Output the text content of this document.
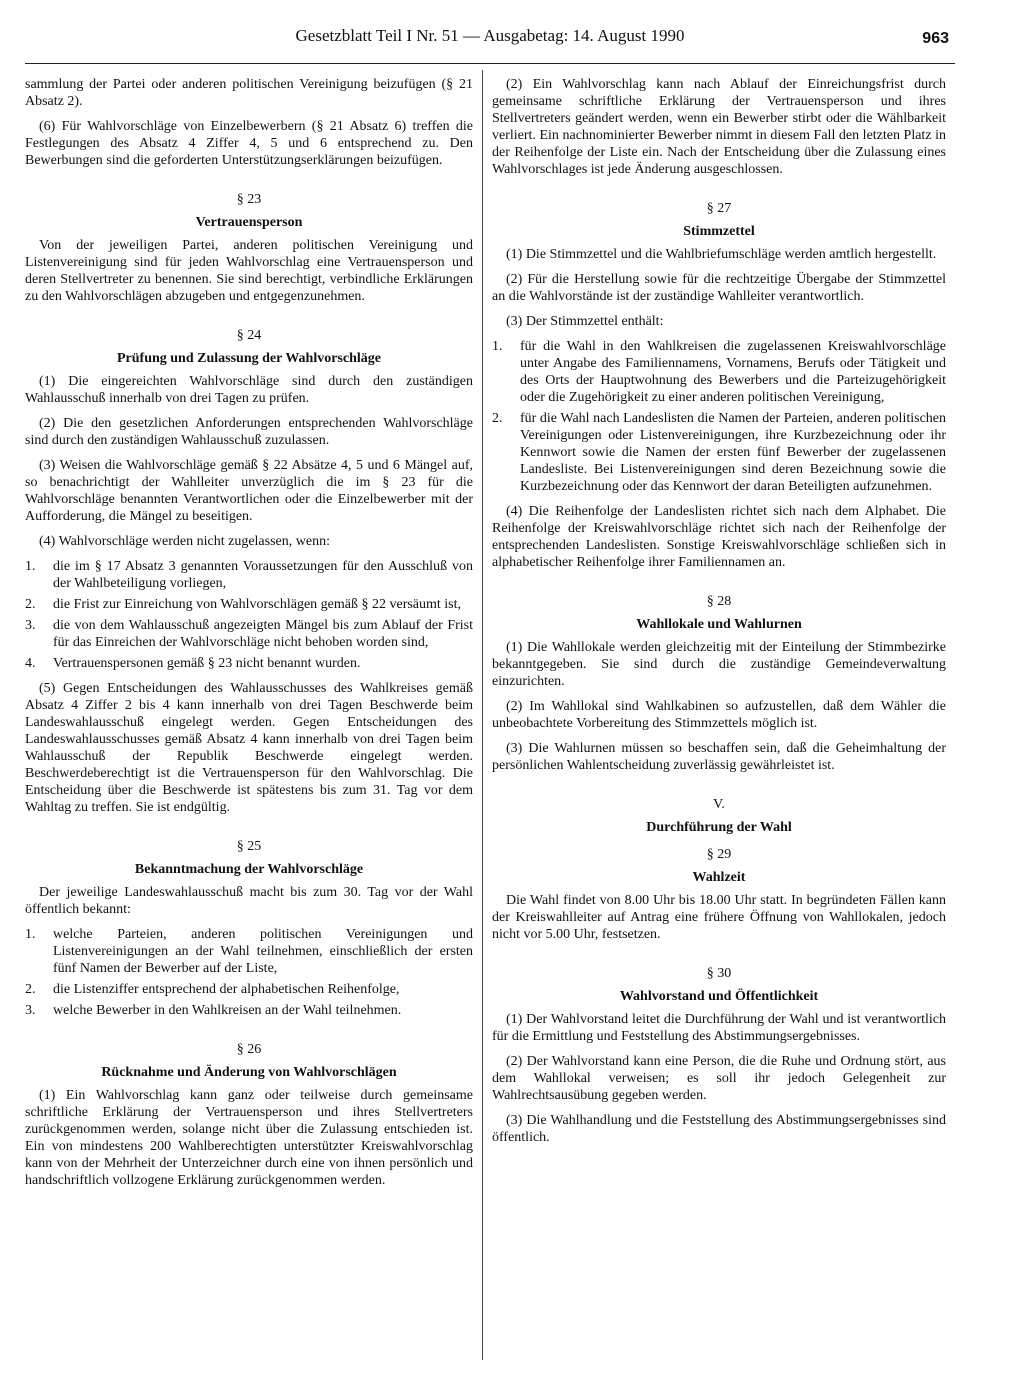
Gesetzblatt Teil I Nr. 51 — Ausgabetag: 14. August 1990	963

sammlung der Partei oder anderen politischen Vereinigung beizufügen (§ 21 Absatz 2).

(6) Für Wahlvorschläge von Einzelbewerbern (§ 21 Absatz 6) treffen die Festlegungen des Absatz 4 Ziffer 4, 5 und 6 entsprechend zu. Den Bewerbungen sind die geforderten Unterstützungserklärungen beizufügen.

§ 23
Vertrauensperson

Von der jeweiligen Partei, anderen politischen Vereinigung und Listenvereinigung sind für jeden Wahlvorschlag eine Vertrauensperson und deren Stellvertreter zu benennen. Sie sind berechtigt, verbindliche Erklärungen zu den Wahlvorschlägen abzugeben und entgegenzunehmen.

§ 24
Prüfung und Zulassung der Wahlvorschläge

(1) Die eingereichten Wahlvorschläge sind durch den zuständigen Wahlausschuß innerhalb von drei Tagen zu prüfen.

(2) Die den gesetzlichen Anforderungen entsprechenden Wahlvorschläge sind durch den zuständigen Wahlausschuß zuzulassen.

(3) Weisen die Wahlvorschläge gemäß § 22 Absätze 4, 5 und 6 Mängel auf, so benachrichtigt der Wahlleiter unverzüglich die im § 23 für die Wahlvorschläge benannten Verantwortlichen oder die Einzelbewerber mit der Aufforderung, die Mängel zu beseitigen.

(4) Wahlvorschläge werden nicht zugelassen, wenn:

1.	die im § 17 Absatz 3 genannten Voraussetzungen für den Ausschluß von der Wahlbeteiligung vorliegen,
2.	die Frist zur Einreichung von Wahlvorschlägen gemäß § 22 versäumt ist,
3.	die von dem Wahlausschuß angezeigten Mängel bis zum Ablauf der Frist für das Einreichen der Wahlvorschläge nicht behoben worden sind,
4.	Vertrauenspersonen gemäß § 23 nicht benannt wurden.

(5) Gegen Entscheidungen des Wahlausschusses des Wahlkreises gemäß Absatz 4 Ziffer 2 bis 4 kann innerhalb von drei Tagen Beschwerde beim Landeswahlausschuß eingelegt werden. Gegen Entscheidungen des Landeswahlausschusses gemäß Absatz 4 kann innerhalb von drei Tagen beim Wahlausschuß der Republik Beschwerde eingelegt werden. Beschwerdeberechtigt ist die Vertrauensperson für den Wahlvorschlag. Die Entscheidung über die Beschwerde ist spätestens bis zum 31. Tag vor dem Wahltag zu treffen. Sie ist endgültig.

§ 25
Bekanntmachung der Wahlvorschläge

Der jeweilige Landeswahlausschuß macht bis zum 30. Tag vor der Wahl öffentlich bekannt:

1.	welche Parteien, anderen politischen Vereinigungen und Listenvereinigungen an der Wahl teilnehmen, einschließlich der ersten fünf Namen der Bewerber auf der Liste,
2.	die Listenziffer entsprechend der alphabetischen Reihenfolge,
3.	welche Bewerber in den Wahlkreisen an der Wahl teilnehmen.
§ 26
Rücknahme und Änderung von Wahlvorschlägen

(1) Ein Wahlvorschlag kann ganz oder teilweise durch gemeinsame schriftliche Erklärung der Vertrauensperson und ihres Stellvertreters zurückgenommen werden, solange nicht über die Zulassung entschieden ist. Ein von mindestens 200 Wahlberechtigten unterstützter Kreiswahlvorschlag kann von der Mehrheit der Unterzeichner durch eine von ihnen persönlich und handschriftlich vollzogene Erklärung zurückgenommen werden.

(2) Ein Wahlvorschlag kann nach Ablauf der Einreichungsfrist durch gemeinsame schriftliche Erklärung der Vertrauensperson und ihres Stellvertreters geändert werden, wenn ein Bewerber stirbt oder die Wählbarkeit verliert. Ein nachnominierter Bewerber nimmt in diesem Fall den letzten Platz in der Reihenfolge der Liste ein. Nach der Entscheidung über die Zulassung eines Wahlvorschlages ist jede Änderung ausgeschlossen.

§ 27
Stimmzettel

(1) Die Stimmzettel und die Wahlbriefumschläge werden amtlich hergestellt.

(2) Für die Herstellung sowie für die rechtzeitige Übergabe der Stimmzettel an die Wahlvorstände ist der zuständige Wahlleiter verantwortlich.

(3) Der Stimmzettel enthält:

1.	für die Wahl in den Wahlkreisen die zugelassenen Kreiswahlvorschläge unter Angabe des Familiennamens, Vornamens, Berufs oder Tätigkeit und des Orts der Hauptwohnung des Bewerbers und die Parteizugehörigkeit oder die Zugehörigkeit zu einer anderen politischen Vereinigung,
2.	für die Wahl nach Landeslisten die Namen der Parteien, anderen politischen Vereinigungen oder Listenvereinigungen, ihre Kurzbezeichnung oder ihr Kennwort sowie die Namen der ersten fünf Bewerber der zugelassenen Landesliste. Bei Listenvereinigungen sind deren Bezeichnung sowie die Kurzbezeichnung oder das Kennwort der daran Beteiligten aufzunehmen.

(4) Die Reihenfolge der Landeslisten richtet sich nach dem Alphabet. Die Reihenfolge der Kreiswahlvorschläge richtet sich nach der Reihenfolge der entsprechenden Landeslisten. Sonstige Kreiswahlvorschläge schließen sich in alphabetischer Reihenfolge ihrer Familiennamen an.

§ 28
Wahllokale und Wahlurnen

(1) Die Wahllokale werden gleichzeitig mit der Einteilung der Stimmbezirke bekanntgegeben. Sie sind durch die zuständige Gemeindeverwaltung einzurichten.

(2) Im Wahllokal sind Wahlkabinen so aufzustellen, daß dem Wähler die unbeobachtete Vorbereitung des Stimmzettels möglich ist.

(3) Die Wahlurnen müssen so beschaffen sein, daß die Geheimhaltung der persönlichen Wahlentscheidung zuverlässig gewährleistet ist.

V.
Durchführung der Wahl
§ 29
Wahlzeit

Die Wahl findet von 8.00 Uhr bis 18.00 Uhr statt. In begründeten Fällen kann der Kreiswahlleiter auf Antrag eine frühere Öffnung von Wahllokalen, jedoch nicht vor 5.00 Uhr, festsetzen.

§ 30
Wahlvorstand und Öffentlichkeit

(1) Der Wahlvorstand leitet die Durchführung der Wahl und ist verantwortlich für die Ermittlung und Feststellung des Abstimmungsergebnisses.

(2) Der Wahlvorstand kann eine Person, die die Ruhe und Ordnung stört, aus dem Wahllokal verweisen; es soll ihr jedoch Gelegenheit zur Wahlrechtsausübung gegeben werden.

(3) Die Wahlhandlung und die Feststellung des Abstimmungsergebnisses sind öffentlich.
